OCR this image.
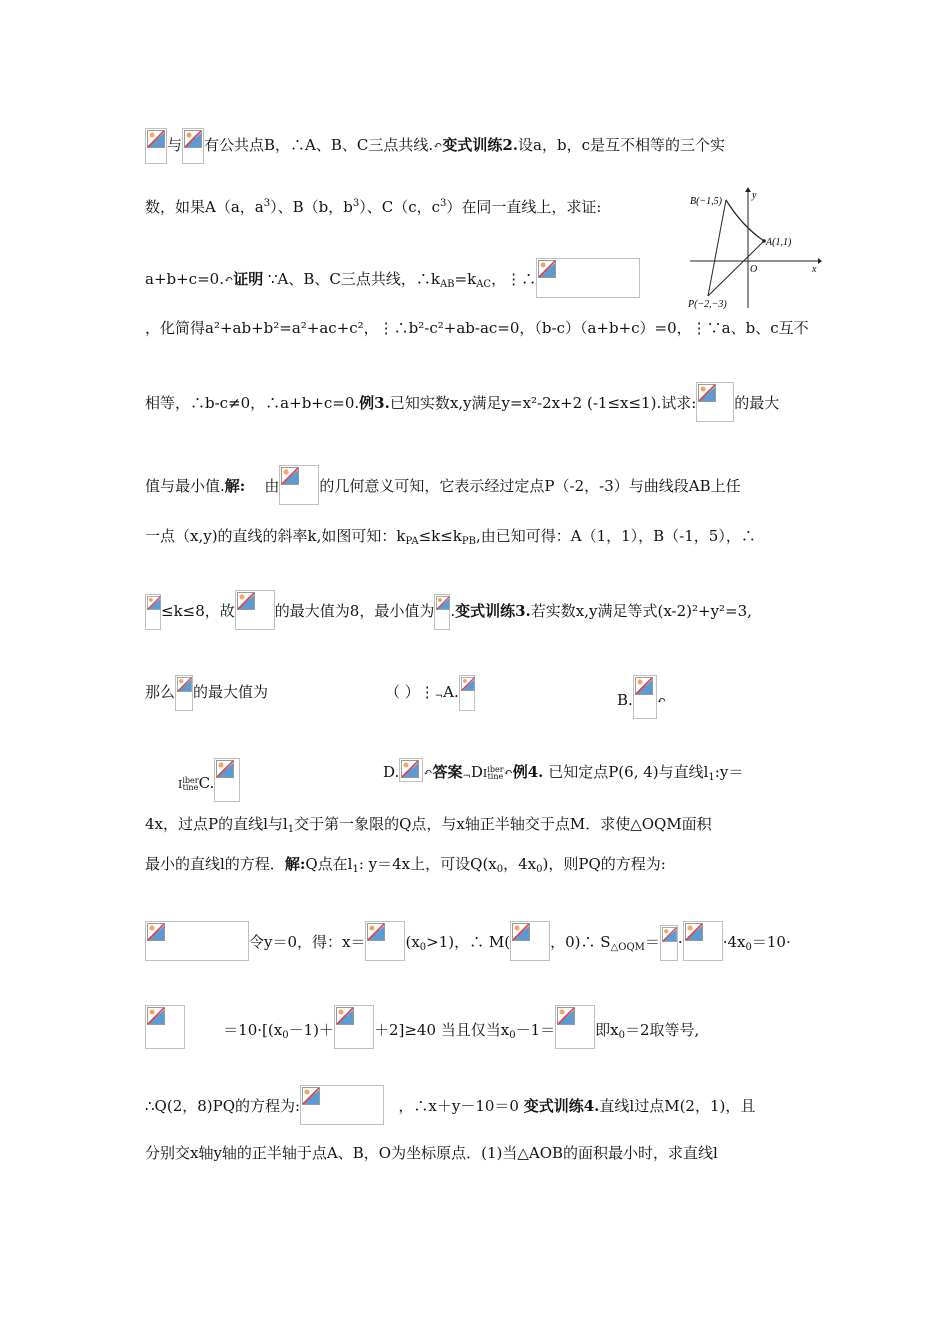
与 有公共点B，∴A、B、C三点共线.↶变式训练2.设a，b，c是互不相等的三个实
数，如果A（a，$a^3$）、B（b，$b^3$）、C（c，$c^3$）在同一直线上，求证:	B(−1,5)
A(1,1)
P(−2,−3)
O	x
y
a+b+c=0.↶证明 ∵A、B、C三点共线，$\therefore k_{AB}=k_{AC}$，⋮∴
，化简得a²+ab+b²=a²+ac+c²，⋮∴b²-c²+ab-ac=0，（b-c）（a+b+c）=0，⋮∵a、b、c互不
相等，∴b-c≠0，∴a+b+c=0.例3.已知实数x,y满足y=x²-2x+2 (-1≤x≤1).试求:	的最大
值与最小值.解: 由	的几何意义可知，它表示经过定点P（-2，-3）与曲线段AB上任
一点（x,y)的直线的斜率k,如图可知：$k_{PA}\le k\le k_{PB}$,由已知可得：A（1，1），B（-1，5），∴
≤k≤8，故	的最大值为8，最小值为 .变式训练3.若实数x,y满足等式(x-2)²+y²=3,
那么 的最大值为	（ ）⋮¬A.	B. ↶
Iiber
tineC.
D. ↶答案¬DIiber
tine↶例4. 已知定点P(6, 4)与直线$l_1:y=$
4x，过点P的直线l与$l_1$交于第一象限的Q点，与x轴正半轴交于点M．求使△OQM面积
最小的直线l的方程．解:Q点在$l_1$: y＝4x上，可设$Q(x_0$，$4x_0$)，则PQ的方程为:
令y＝0，得：x＝	$(x_0>1)$，∴ M(	，0)∴ $S_{\triangle OQM}=$ ·	$\cdot 4x_0=10\cdot$
$=10\cdot[(x_0-1)+$	＋2]≥40 当且仅当$x_0-1=$	即$x_0=2$取等号,
∴Q(2，8)PQ的方程为:	，∴x＋y－10＝0 变式训练4.直线l过点M(2，1)，且
分别交x轴y轴的正半轴于点A、B，O为坐标原点．(1)当△AOB的面积最小时，求直线l
